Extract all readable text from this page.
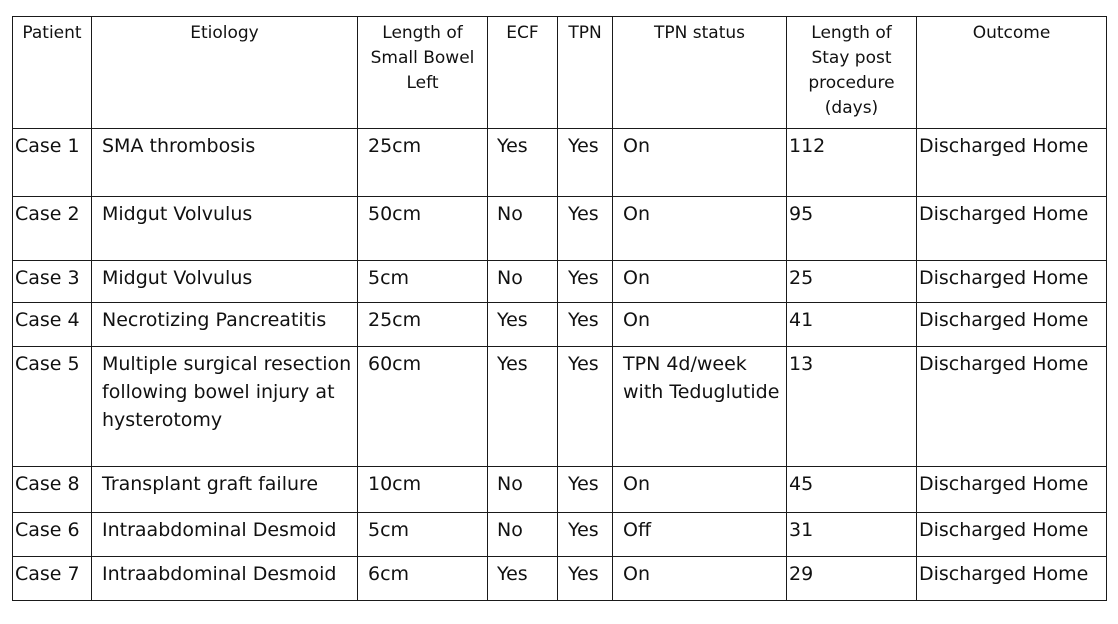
Patient	Etiology	Length of Small Bowel Left	ECF	TPN	TPN status	Length of Stay post procedure (days)	Outcome

Case 1	SMA thrombosis	25cm	Yes	Yes	On	112	Discharged Home

Case 2	Midgut Volvulus	50cm	No	Yes	On	95	Discharged Home

Case 3	Midgut Volvulus	5cm	No	Yes	On	25	Discharged Home

Case 4	Necrotizing Pancreatitis	25cm	Yes	Yes	On	41	Discharged Home

Case 5	Multiple surgical resection following bowel injury at hysterotomy	60cm	Yes	Yes	TPN 4d/week with Teduglutide	13	Discharged Home

Case 8	Transplant graft failure	10cm	No	Yes	On	45	Discharged Home

Case 6	Intraabdominal Desmoid	5cm	No	Yes	Off	31	Discharged Home

Case 7	Intraabdominal Desmoid	6cm	Yes	Yes	On	29	Discharged Home
